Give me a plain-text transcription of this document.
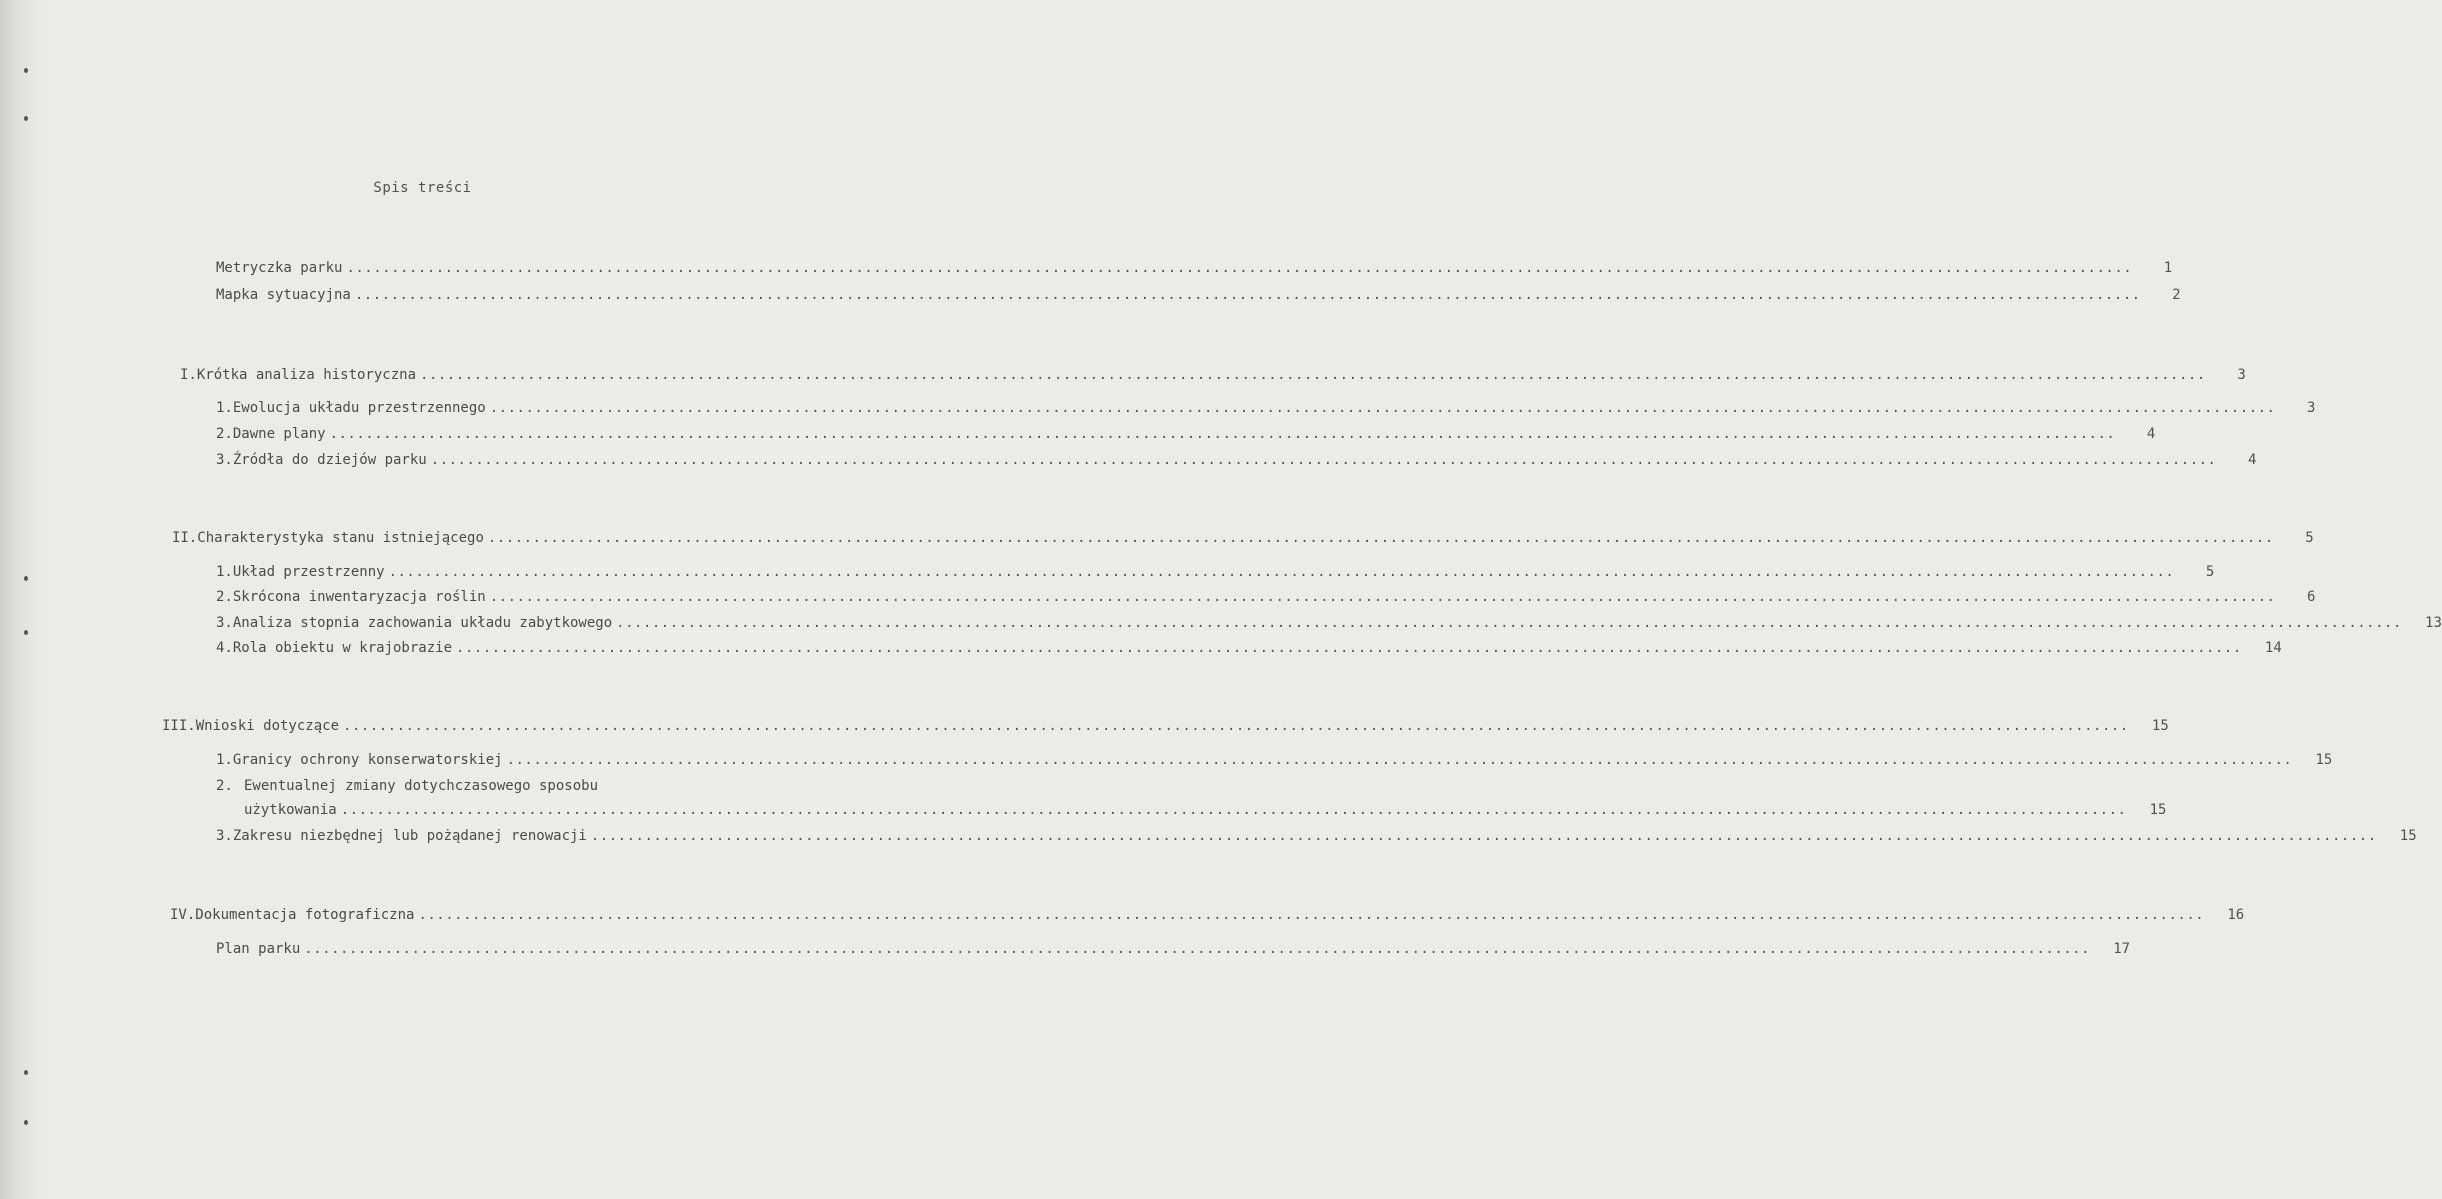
Spis treści
Metryczka parku ........................................................................................................................................................................................................	1
Mapka sytuacyjna ........................................................................................................................................................................................................	2
I. Krótka analiza historyczna ........................................................................................................................................................................................................	3
1. Ewolucja układu przestrzennego ........................................................................................................................................................................................................	3
2. Dawne plany ........................................................................................................................................................................................................	4
3. Źródła do dziejów parku ........................................................................................................................................................................................................	4
II. Charakterystyka stanu istniejącego ........................................................................................................................................................................................................	5
1. Układ przestrzenny ........................................................................................................................................................................................................	5
2. Skrócona inwentaryzacja roślin ........................................................................................................................................................................................................	6
3. Analiza stopnia zachowania układu zabytkowego ........................................................................................................................................................................................................	13
4. Rola obiektu w krajobrazie ........................................................................................................................................................................................................	14
III. Wnioski dotyczące ........................................................................................................................................................................................................	15
1. Granicy ochrony konserwatorskiej ........................................................................................................................................................................................................	15
2. Ewentualnej zmiany dotychczasowego sposobu
użytkowania ........................................................................................................................................................................................................	15
3. Zakresu niezbędnej lub pożądanej renowacji ........................................................................................................................................................................................................	15
IV. Dokumentacja fotograficzna ........................................................................................................................................................................................................	16
Plan parku ........................................................................................................................................................................................................	17
